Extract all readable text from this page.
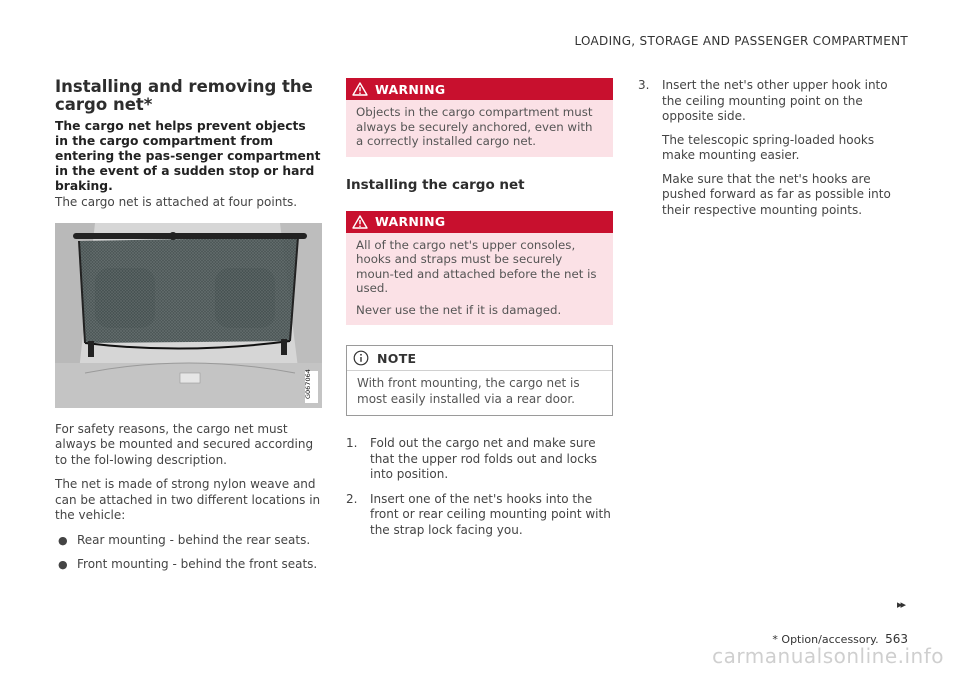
LOADING, STORAGE AND PASSENGER COMPARTMENT
Installing and removing the cargo net*
The cargo net helps prevent objects in the cargo compartment from entering the pas-senger compartment in the event of a sudden stop or hard braking.

The cargo net is attached at four points.

G067064

For safety reasons, the cargo net must always be mounted and secured according to the fol-lowing description.

The net is made of strong nylon weave and can be attached in two different locations in the vehicle:

● Rear mounting - behind the rear seats.
● Front mounting - behind the front seats.
WARNING

Objects in the cargo compartment must always be securely anchored, even with a correctly installed cargo net.

Installing the cargo net
WARNING

All of the cargo net's upper consoles, hooks and straps must be securely moun-ted and attached before the net is used.

Never use the net if it is damaged.

NOTE

With front mounting, the cargo net is most easily installed via a rear door.

1. Fold out the cargo net and make sure that the upper rod folds out and locks into position.

2. Insert one of the net's hooks into the front or rear ceiling mounting point with the strap lock facing you.

3. Insert the net's other upper hook into the ceiling mounting point on the opposite side.

The telescopic spring-loaded hooks make mounting easier.

Make sure that the net's hooks are pushed forward as far as possible into their respective mounting points.

▸▸
* Option/accessory. 563
carmanualsonline.info
